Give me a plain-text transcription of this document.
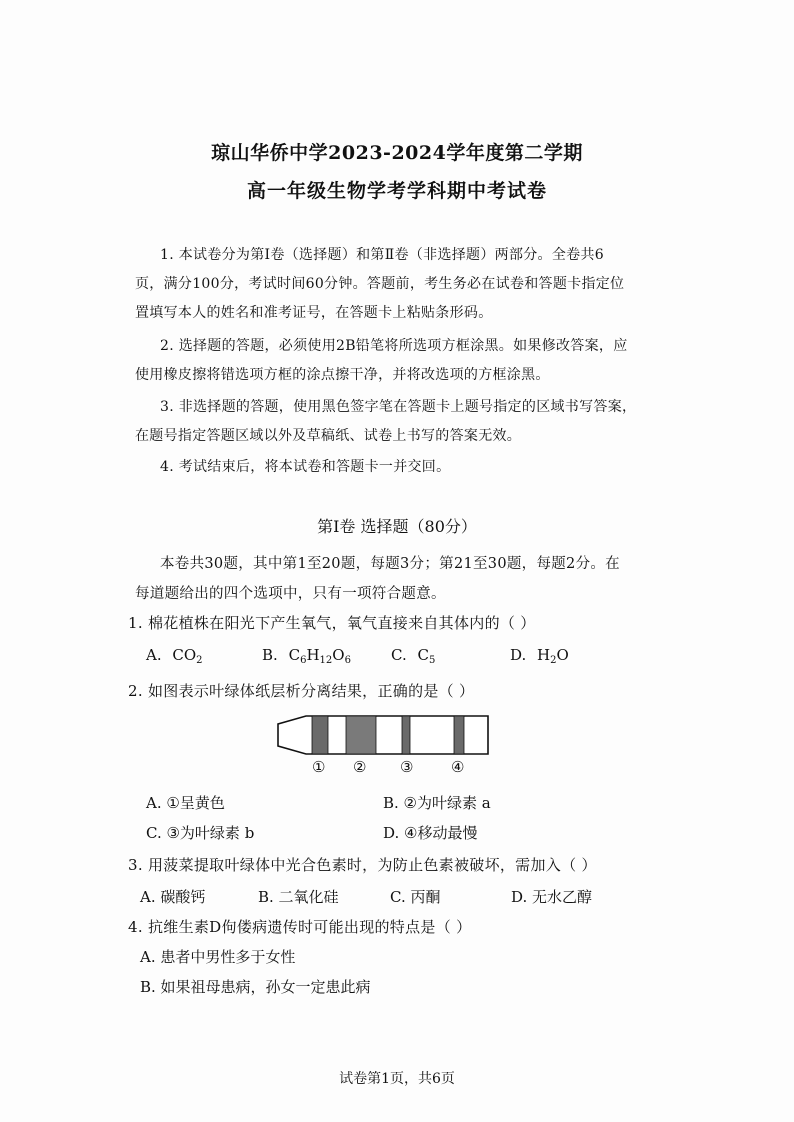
琼山华侨中学2023-2024学年度第二学期
高一年级生物学考学科期中考试卷
1. 本试卷分为第Ⅰ卷（选择题）和第Ⅱ卷（非选择题）两部分。全卷共6
页，满分100分，考试时间60分钟。答题前，考生务必在试卷和答题卡指定位
置填写本人的姓名和准考证号，在答题卡上粘贴条形码。
2. 选择题的答题，必须使用2B铅笔将所选项方框涂黑。如果修改答案，应
使用橡皮擦将错选项方框的涂点擦干净，并将改选项的方框涂黑。
3. 非选择题的答题，使用黑色签字笔在答题卡上题号指定的区域书写答案，
在题号指定答题区域以外及草稿纸、试卷上书写的答案无效。
4. 考试结束后，将本试卷和答题卡一并交回。
第Ⅰ卷 选择题（80分）
本卷共30题，其中第1至20题，每题3分；第21至30题，每题2分。在
每道题给出的四个选项中，只有一项符合题意。
1. 棉花植株在阳光下产生氧气，氧气直接来自其体内的（ ）
A. $CO_2$	B. $C_6H_{12}O_6$	C. $C_5$	D. $H_2O$
2. 如图表示叶绿体纸层析分离结果，正确的是（ ）
① ② ③	④
A. ①呈黄色	B. ②为叶绿素 a
C. ③为叶绿素 b	D. ④移动最慢
3. 用菠菜提取叶绿体中光合色素时，为防止色素被破坏，需加入（ ）
A. 碳酸钙	B. 二氧化硅	C. 丙酮	D. 无水乙醇
4. 抗维生素D佝偻病遗传时可能出现的特点是（ ）
A. 患者中男性多于女性
B. 如果祖母患病，孙女一定患此病
试卷第1页，共6页
